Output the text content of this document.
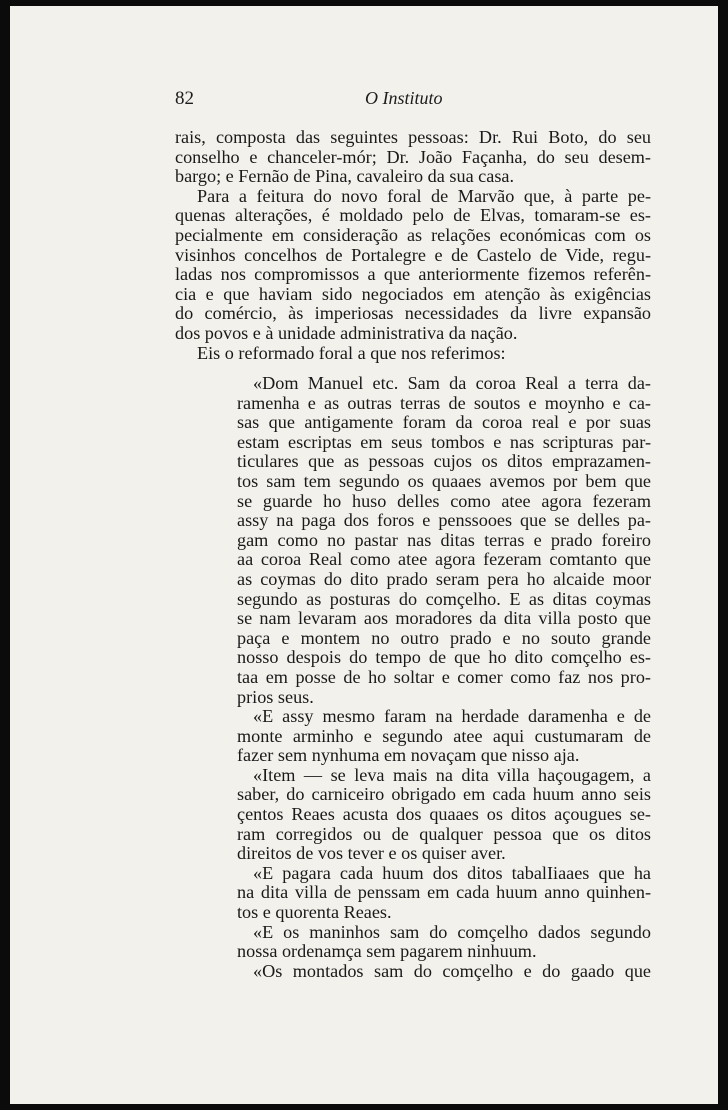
82	O Instituto
rais, composta das seguintes pessoas: Dr. Rui Boto, do seu
conselho e chanceler-mór; Dr. João Façanha, do seu desem-
bargo; e Fernão de Pina, cavaleiro da sua casa.
Para a feitura do novo foral de Marvão que, à parte pe-
quenas alterações, é moldado pelo de Elvas, tomaram-se es-
pecialmente em consideração as relações económicas com os
visinhos concelhos de Portalegre e de Castelo de Vide, regu-
ladas nos compromissos a que anteriormente fizemos referên-
cia e que haviam sido negociados em atenção às exigências
do comércio, às imperiosas necessidades da livre expansão
dos povos e à unidade administrativa da nação.
Eis o reformado foral a que nos referimos:
«Dom Manuel etc. Sam da coroa Real a terra da-
ramenha e as outras terras de soutos e moynho e ca-
sas que antigamente foram da coroa real e por suas
estam escriptas em seus tombos e nas scripturas par-
ticulares que as pessoas cujos os ditos emprazamen-
tos sam tem segundo os quaaes avemos por bem que
se guarde ho huso delles como atee agora fezeram
assy na paga dos foros e penssooes que se delles pa-
gam como no pastar nas ditas terras e prado foreiro
aa coroa Real como atee agora fezeram comtanto que
as coymas do dito prado seram pera ho alcaide moor
segundo as posturas do comçelho. E as ditas coymas
se nam levaram aos moradores da dita villa posto que
paça e montem no outro prado e no souto grande
nosso despois do tempo de que ho dito comçelho es-
taa em posse de ho soltar e comer como faz nos pro-
prios seus.
«E assy mesmo faram na herdade daramenha e de
monte arminho e segundo atee aqui custumaram de
fazer sem nynhuma em novaçam que nisso aja.
«Item — se leva mais na dita villa haçougagem, a
saber, do carniceiro obrigado em cada huum anno seis
çentos Reaes acusta dos quaaes os ditos açougues se-
ram corregidos ou de qualquer pessoa que os ditos
direitos de vos tever e os quiser aver.
«E pagara cada huum dos ditos tabalIiaaes que ha
na dita villa de penssam em cada huum anno quinhen-
tos e quorenta Reaes.
«E os maninhos sam do comçelho dados segundo
nossa ordenamça sem pagarem ninhuum.
«Os montados sam do comçelho e do gaado que
